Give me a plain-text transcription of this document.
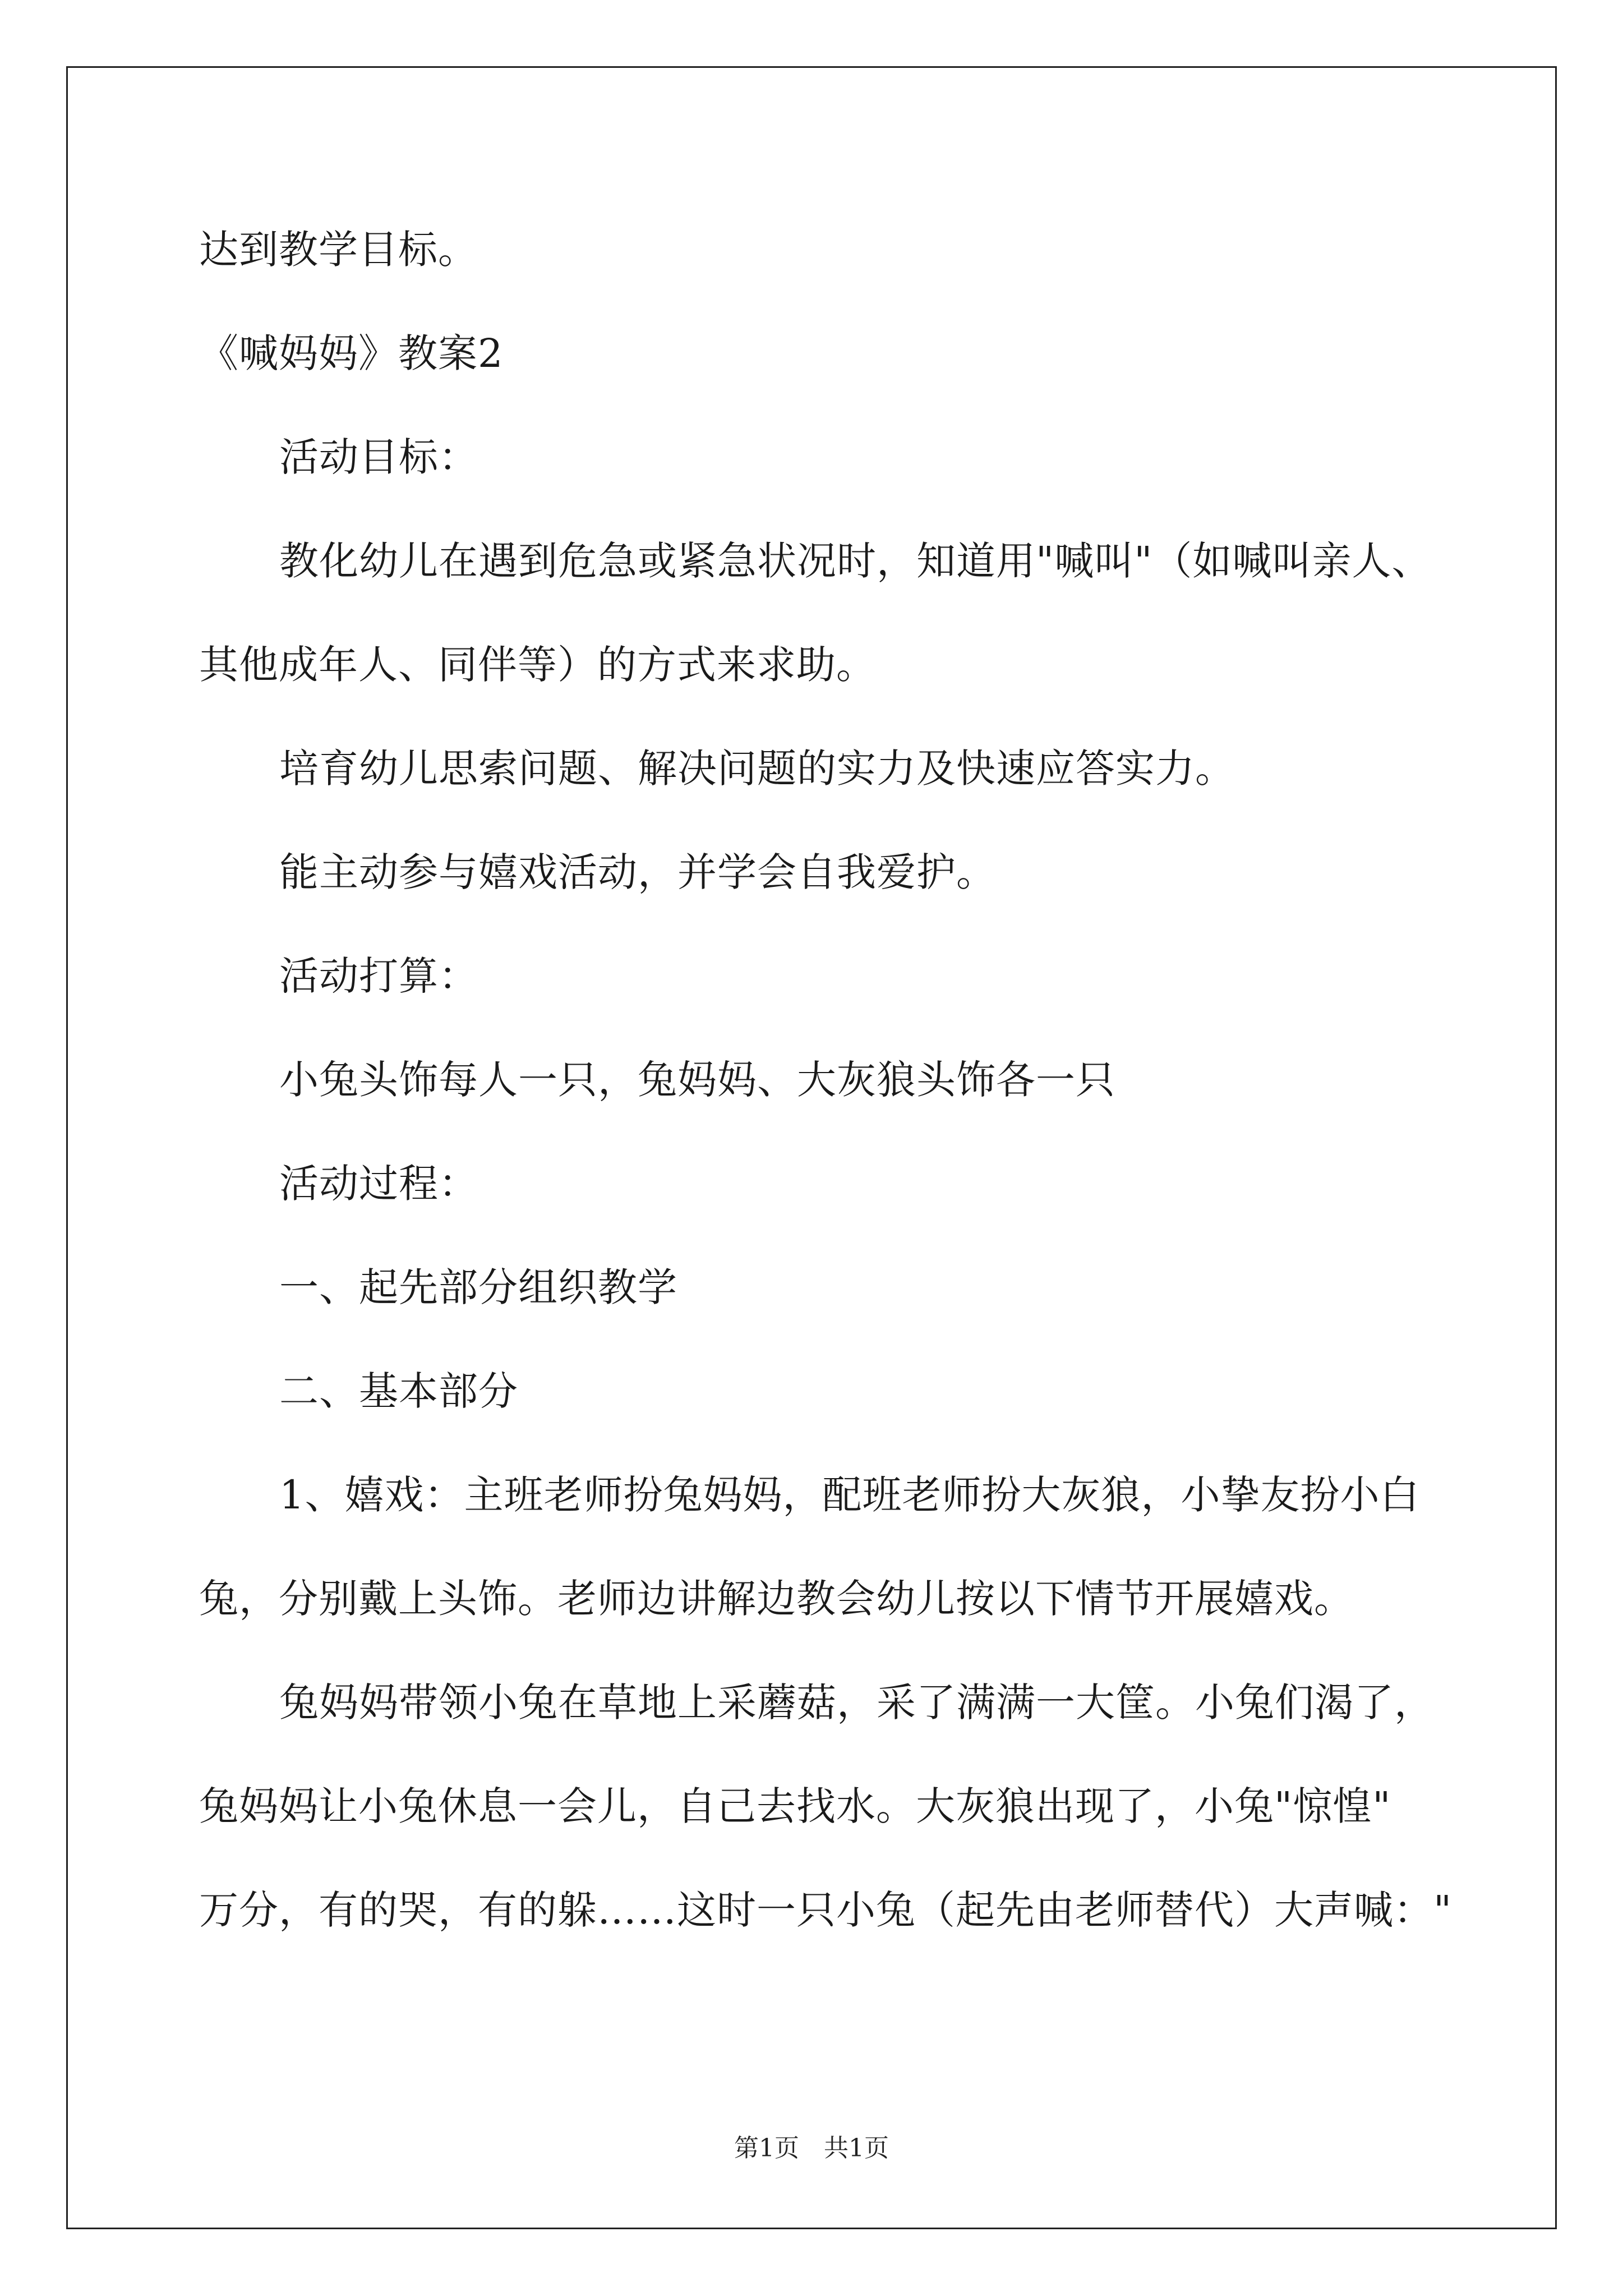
达到教学目标。
《喊妈妈》教案2
活动目标：
教化幼儿在遇到危急或紧急状况时，知道用"喊叫"（如喊叫亲人、
其他成年人、同伴等）的方式来求助。
培育幼儿思索问题、解决问题的实力及快速应答实力。
能主动参与嬉戏活动，并学会自我爱护。
活动打算：
小兔头饰每人一只，兔妈妈、大灰狼头饰各一只
活动过程：
一、起先部分组织教学
二、基本部分
1、嬉戏：主班老师扮兔妈妈，配班老师扮大灰狼，小挚友扮小白
兔，分别戴上头饰。老师边讲解边教会幼儿按以下情节开展嬉戏。
兔妈妈带领小兔在草地上采蘑菇，采了满满一大筐。小兔们渴了，
兔妈妈让小兔休息一会儿，自己去找水。大灰狼出现了，小兔"惊惶"
万分，有的哭，有的躲……这时一只小兔（起先由老师替代）大声喊："
第1页　共1页
